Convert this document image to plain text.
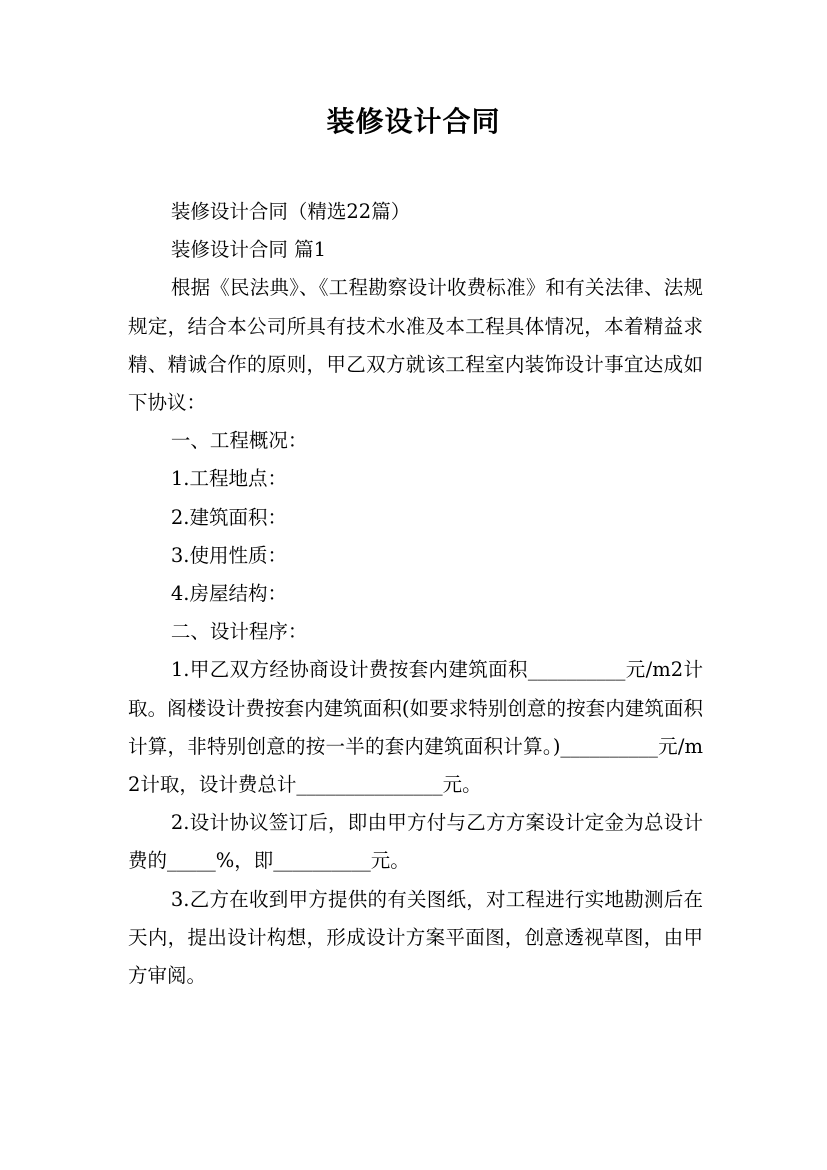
装修设计合同

装修设计合同（精选22篇）

装修设计合同 篇1

根据《民法典》、《工程勘察设计收费标准》和有关法律、法规规定，结合本公司所具有技术水准及本工程具体情况，本着精益求精、精诚合作的原则，甲乙双方就该工程室内装饰设计事宜达成如下协议：

一、工程概况：

1.工程地点：

2.建筑面积：

3.使用性质：

4.房屋结构：

二、设计程序：

1.甲乙双方经协商设计费按套内建筑面积__________元/m2计取。阁楼设计费按套内建筑面积(如要求特别创意的按套内建筑面积计算，非特别创意的按一半的套内建筑面积计算。)__________元/m2计取，设计费总计_______________元。

2.设计协议签订后，即由甲方付与乙方方案设计定金为总设计费的_____%，即__________元。

3.乙方在收到甲方提供的有关图纸，对工程进行实地勘测后在天内，提出设计构想，形成设计方案平面图，创意透视草图，由甲方审阅。
